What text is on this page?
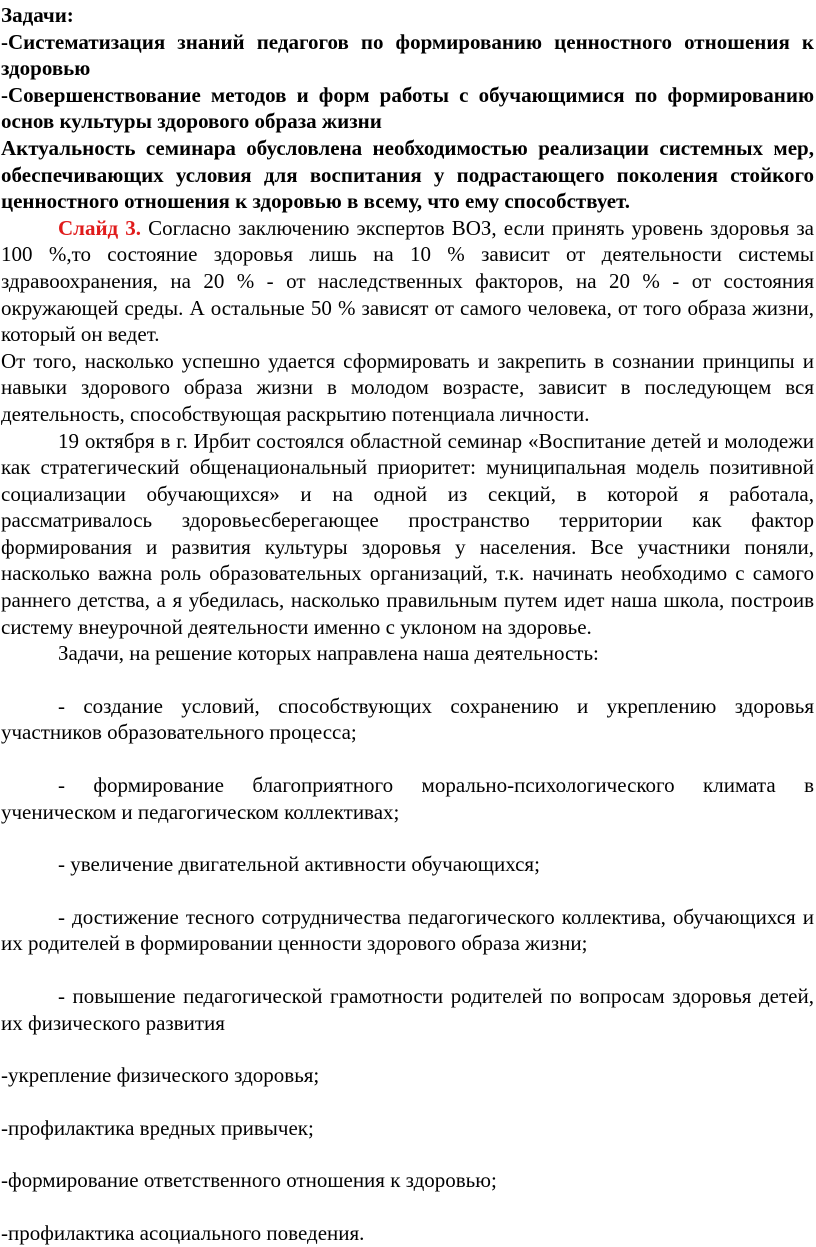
Задачи:

-Систематизация знаний педагогов по формированию ценностного отношения к здоровью

-Совершенствование методов и форм работы с обучающимися по формированию основ культуры здорового образа жизни

Актуальность семинара обусловлена необходимостью реализации системных мер, обеспечивающих условия для воспитания у подрастающего поколения стойкого ценностного отношения к здоровью в всему, что ему способствует.

Слайд 3. Согласно заключению экспертов ВОЗ, если принять уровень здоровья за 100 %,то состояние здоровья лишь на 10 % зависит от деятельности системы здравоохранения, на 20 % - от наследственных факторов, на 20 % - от состояния окружающей среды. А остальные 50 % зависят от самого человека, от того образа жизни, который он ведет.

От того, насколько успешно удается сформировать и закрепить в сознании принципы и навыки здорового образа жизни в молодом возрасте, зависит в последующем вся деятельность, способствующая раскрытию потенциала личности.

19 октября в г. Ирбит состоялся областной семинар «Воспитание детей и молодежи как стратегический общенациональный приоритет: муниципальная модель позитивной социализации обучающихся» и на одной из секций, в которой я работала, рассматривалось здоровьесберегающее пространство территории как фактор формирования и развития культуры здоровья у населения. Все участники поняли, насколько важна роль образовательных организаций, т.к. начинать необходимо с самого раннего детства, а я убедилась, насколько правильным путем идет наша школа, построив систему внеурочной деятельности именно с уклоном на здоровье.

Задачи, на решение которых направлена наша деятельность:

- создание условий, способствующих сохранению и укреплению здоровья участников образовательного процесса;

- формирование благоприятного морально-психологического климата в ученическом и педагогическом коллективах;

- увеличение двигательной активности обучающихся;

- достижение тесного сотрудничества педагогического коллектива, обучающихся и их родителей в формировании ценности здорового образа жизни;

- повышение педагогической грамотности родителей по вопросам здоровья детей, их физического развития

-укрепление физического здоровья;

-профилактика вредных привычек;

-формирование ответственного отношения к здоровью;

-профилактика асоциального поведения.
